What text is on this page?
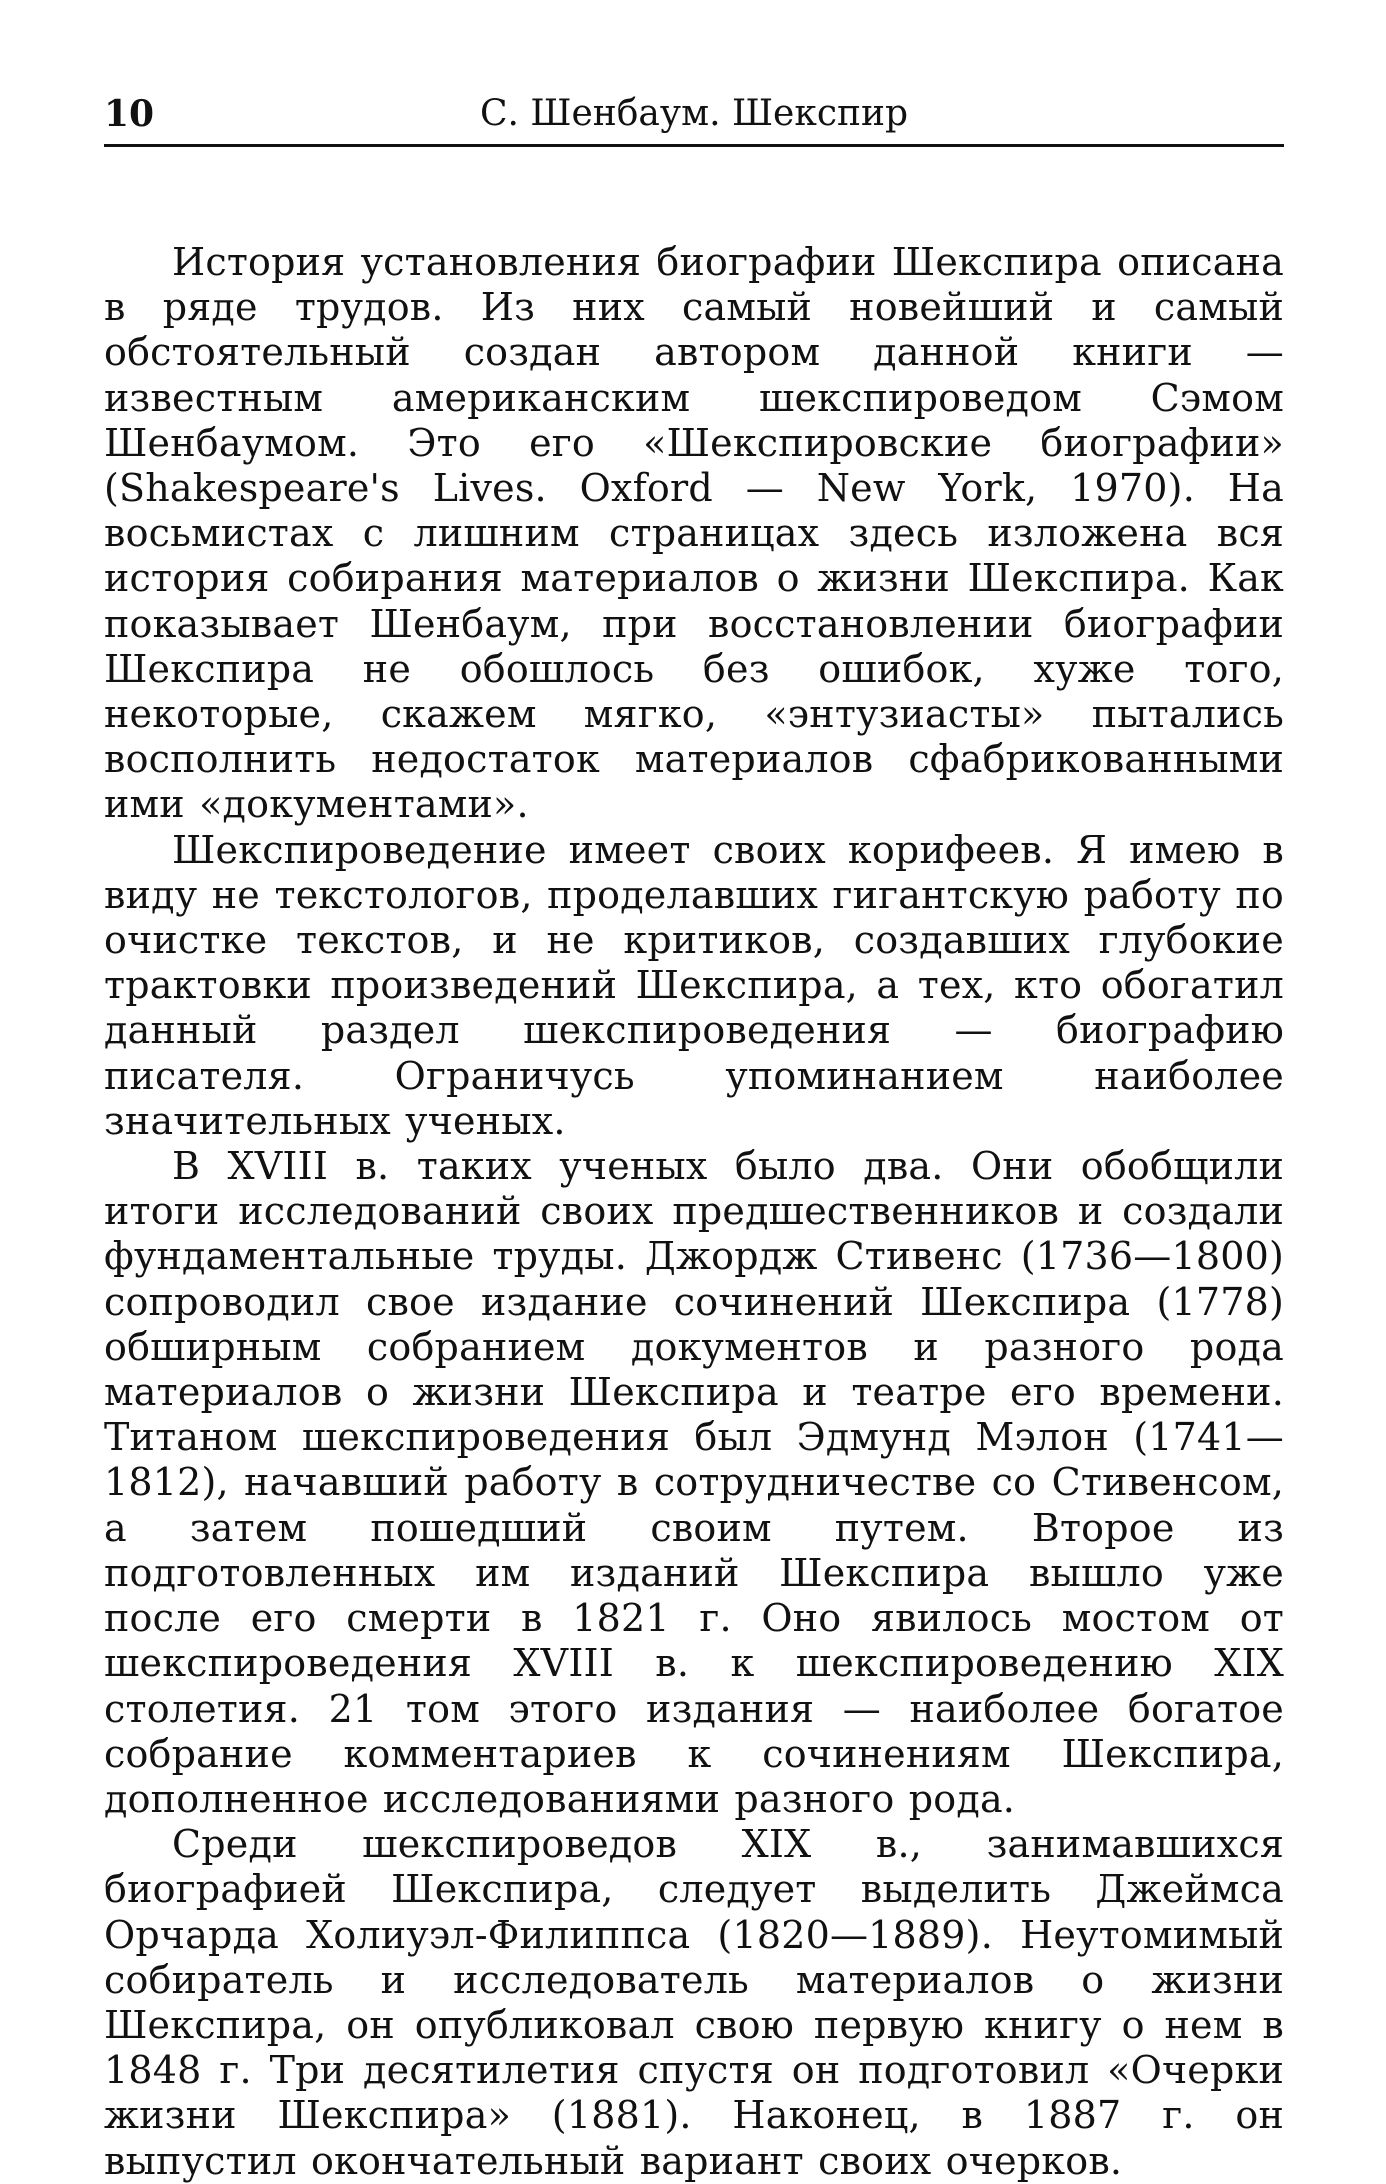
10	С. Шенбаум. Шекспир

История установления биографии Шекспира описана в ряде трудов. Из них самый новейший и самый обстоятельный создан автором данной книги — известным американским шекспироведом Сэмом Шенбаумом. Это его «Шекспировские биографии» (Shakespeare's Lives. Oxford — New York, 1970). На восьмистах с лишним страницах здесь изложена вся история собирания материалов о жизни Шекспира. Как показывает Шенбаум, при восстановлении биографии Шекспира не обошлось без ошибок, хуже того, некоторые, скажем мягко, «энтузиасты» пытались восполнить недостаток материалов сфабрикованными ими «документами».

Шекспироведение имеет своих корифеев. Я имею в виду не текстологов, проделавших гигантскую работу по очистке текстов, и не критиков, создавших глубокие трактовки произведений Шекспира, а тех, кто обогатил данный раздел шекспироведения — биографию писателя. Ограничусь упоминанием наиболее значительных ученых.

В XVIII в. таких ученых было два. Они обобщили итоги исследований своих предшественников и создали фундаментальные труды. Джордж Стивенс (1736—1800) сопроводил свое издание сочинений Шекспира (1778) обширным собранием документов и разного рода материалов о жизни Шекспира и театре его времени. Титаном шекспироведения был Эдмунд Мэлон (1741—1812), начавший работу в сотрудничестве со Стивенсом, а затем пошедший своим путем. Второе из подготовленных им изданий Шекспира вышло уже после его смерти в 1821 г. Оно явилось мостом от шекспироведения XVIII в. к шекспироведению XIX столетия. 21 том этого издания — наиболее богатое собрание комментариев к сочинениям Шекспира, дополненное исследованиями разного рода.

Среди шекспироведов XIX в., занимавшихся биографией Шекспира, следует выделить Джеймса Орчарда Холиуэл-Филиппса (1820—1889). Неутомимый собиратель и исследователь материалов о жизни Шекспира, он опубликовал свою первую книгу о нем в 1848 г. Три десятилетия спустя он подготовил «Очерки жизни Шекспира» (1881). Наконец, в 1887 г. он выпустил окончательный вариант своих очерков.
